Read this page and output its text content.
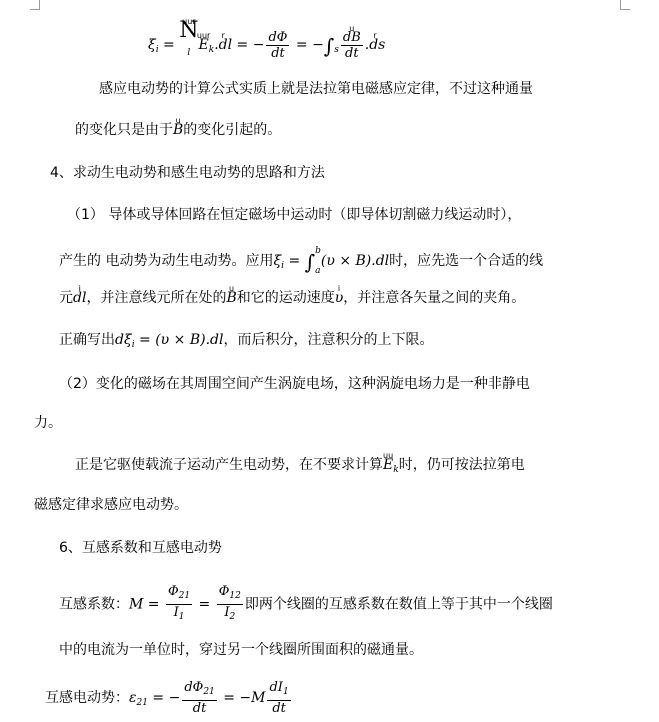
$\xi_i$ = uur N
l uur $E_kr$ .dl = − $\frac{d\Phi}{dt} = -\int_s$ u $\frac{dB}{dt}$ r .ds
感应电动势的计算公式实质上就是法拉第电磁感应定律，不过这种通量
的变化只是由于u B的变化引起的。
4、求动生电动势和感生电动势的思路和方法
（1） 导体或导体回路在恒定磁场中运动时（即导体切割磁力线运动时），
产生的 电动势为动生电动势。应用$\xi_i = \int b$

a(υ × B).dl时，应先选一个合适的线
元i dl，并注意线元所在处的u B和它的运动速度i υ，并注意各矢量之间的夹角。
正确写出$d\xi_i = (\upsilon \times B).dl$，而后积分，注意积分的上下限。
（2）变化的磁场在其周围空间产生涡旋电场，这种涡旋电场力是一种非静电
力。
正是它驱使载流子运动产生电动势，在不要求计算uu $E_k$时，仍可按法拉第电
磁感定律求感应电动势。
6、互感系数和互感电动势
互感系数：$M = \frac{\Phi_{21}}{I_1} = \frac{\Phi_{12}}{I_2}$ 即两个线圈的互感系数在数值上等于其中一个线圈
中的电流为一单位时，穿过另一个线圈所围面积的磁通量。
互感电动势：$\varepsilon_{21}$ = − $\frac{d\Phi_{21}}{dt} = -M \frac{dI_1}{dt}$
